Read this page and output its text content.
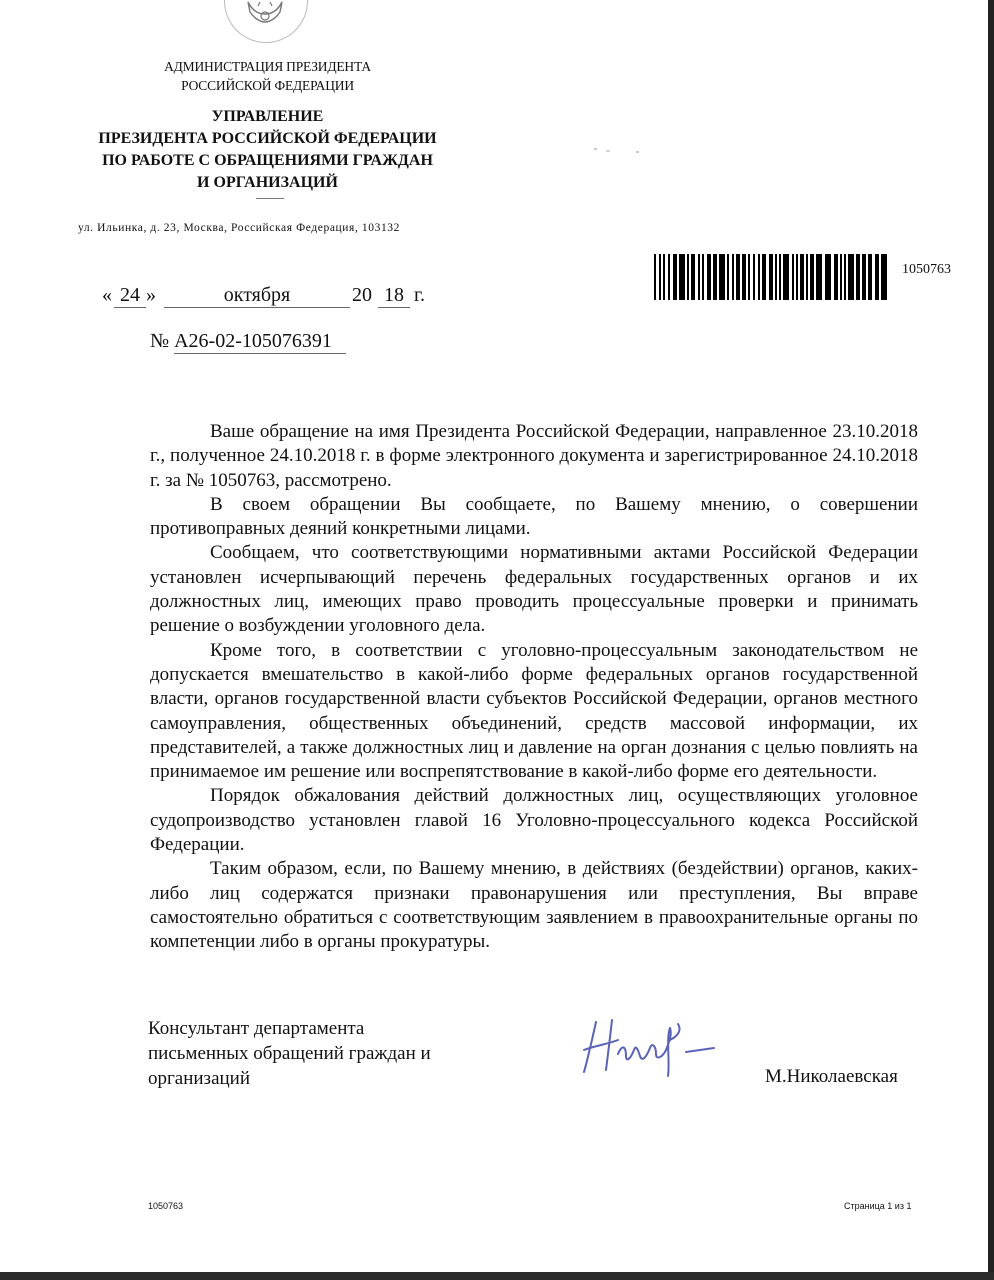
АДМИНИСТРАЦИЯ ПРЕЗИДЕНТА
РОССИЙСКОЙ ФЕДЕРАЦИИ
УПРАВЛЕНИЕ
ПРЕЗИДЕНТА РОССИЙСКОЙ ФЕДЕРАЦИИ
ПО РАБОТЕ С ОБРАЩЕНИЯМИ ГРАЖДАН
И ОРГАНИЗАЦИЙ
ул. Ильинка, д. 23, Москва, Российская Федерация, 103132
1050763
« 24 »	октября	20 18 г.
№ А26-02-105076391

Ваше обращение на имя Президента Российской Федерации, направленное 23.10.2018 г., полученное 24.10.2018 г. в форме электронного документа и зарегистрированное 24.10.2018 г. за № 1050763, рассмотрено.

В своем обращении Вы сообщаете, по Вашему мнению, о совершении противоправных деяний конкретными лицами.

Сообщаем, что соответствующими нормативными актами Российской Федерации установлен исчерпывающий перечень федеральных государственных органов и их должностных лиц, имеющих право проводить процессуальные проверки и принимать решение о возбуждении уголовного дела.

Кроме того, в соответствии с уголовно-процессуальным законодательством не допускается вмешательство в какой-либо форме федеральных органов государственной власти, органов государственной власти субъектов Российской Федерации, органов местного самоуправления, общественных объединений, средств массовой информации, их представителей, а также должностных лиц и давление на орган дознания с целью повлиять на принимаемое им решение или воспрепятствование в какой-либо форме его деятельности.

Порядок обжалования действий должностных лиц, осуществляющих уголовное судопроизводство установлен главой 16 Уголовно-процессуального кодекса Российской Федерации.

Таким образом, если, по Вашему мнению, в действиях (бездействии) органов, каких-либо лиц содержатся признаки правонарушения или преступления, Вы вправе самостоятельно обратиться с соответствующим заявлением в правоохранительные органы по компетенции либо в органы прокуратуры.

Консультант департамента
письменных обращений граждан и
организаций	М.Николаевская
1050763	Страница 1 из 1
